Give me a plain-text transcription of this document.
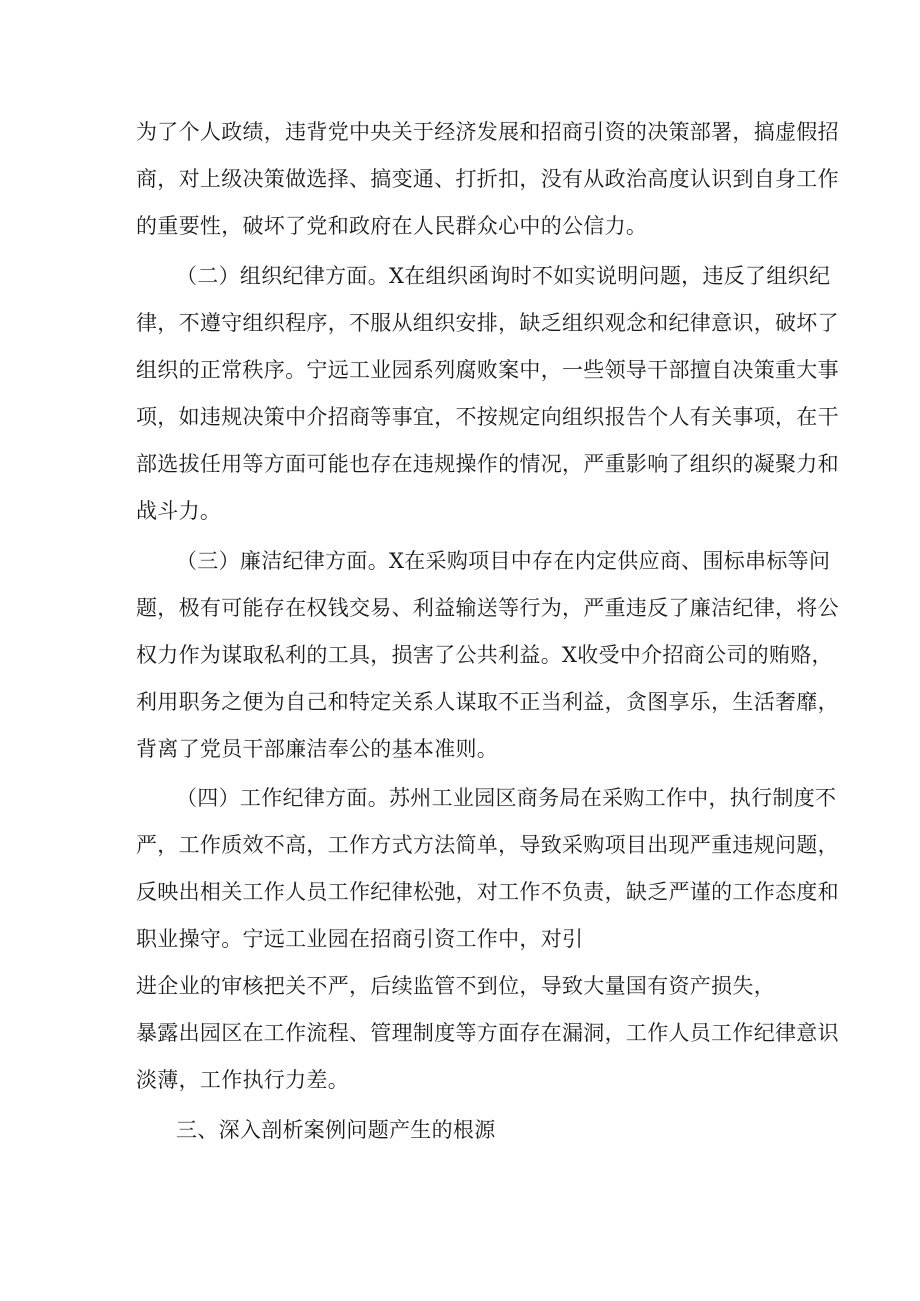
为了个人政绩，违背党中央关于经济发展和招商引资的决策部署，搞虚假招
商，对上级决策做选择、搞变通、打折扣，没有从政治高度认识到自身工作
的重要性，破坏了党和政府在人民群众心中的公信力。
（二）组织纪律方面。X在组织函询时不如实说明问题，违反了组织纪
律，不遵守组织程序，不服从组织安排，缺乏组织观念和纪律意识，破坏了
组织的正常秩序。宁远工业园系列腐败案中，一些领导干部擅自决策重大事
项，如违规决策中介招商等事宜，不按规定向组织报告个人有关事项，在干
部选拔任用等方面可能也存在违规操作的情况，严重影响了组织的凝聚力和
战斗力。
（三）廉洁纪律方面。X在采购项目中存在内定供应商、围标串标等问
题，极有可能存在权钱交易、利益输送等行为，严重违反了廉洁纪律，将公
权力作为谋取私利的工具，损害了公共利益。X收受中介招商公司的贿赂，
利用职务之便为自己和特定关系人谋取不正当利益，贪图享乐，生活奢靡，
背离了党员干部廉洁奉公的基本准则。
（四）工作纪律方面。苏州工业园区商务局在采购工作中，执行制度不
严，工作质效不高，工作方式方法简单，导致采购项目出现严重违规问题，
反映出相关工作人员工作纪律松弛，对工作不负责，缺乏严谨的工作态度和
职业操守。宁远工业园在招商引资工作中，对引
进企业的审核把关不严，后续监管不到位，导致大量国有资产损失，
暴露出园区在工作流程、管理制度等方面存在漏洞，工作人员工作纪律意识
淡薄，工作执行力差。
三、深入剖析案例问题产生的根源
